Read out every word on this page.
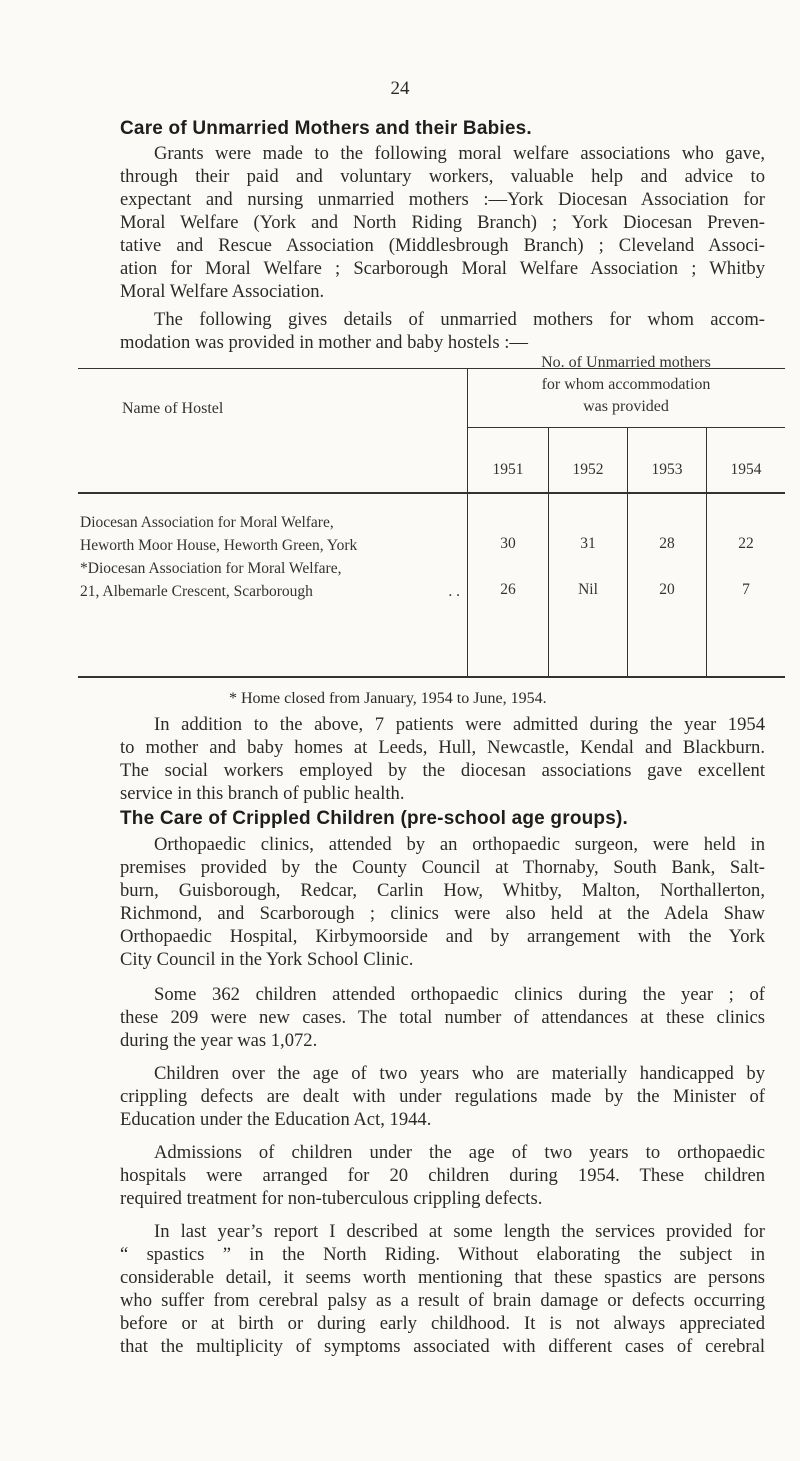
24
Care of Unmarried Mothers and their Babies.
Grants were made to the following moral welfare associations who gave,
through their paid and voluntary workers, valuable help and advice to
expectant and nursing unmarried mothers :—York Diocesan Association for
Moral Welfare (York and North Riding Branch) ; York Diocesan Preven-
tative and Rescue Association (Middlesbrough Branch) ; Cleveland Associ-
ation for Moral Welfare ; Scarborough Moral Welfare Association ; Whitby
Moral Welfare Association.
The following gives details of unmarried mothers for whom accom-
modation was provided in mother and baby hostels :—
Name of Hostel
No. of Unmarried mothers
for whom accommodation
was provided
1951	1952	1953	1954
Diocesan Association for Moral Welfare,
Heworth Moor House, Heworth Green, York	30	31	28	22
*Diocesan Association for Moral Welfare,
21, Albemarle Crescent, Scarborough	. .	26	Nil	20	7
* Home closed from January, 1954 to June, 1954.
In addition to the above, 7 patients were admitted during the year 1954
to mother and baby homes at Leeds, Hull, Newcastle, Kendal and Blackburn.
The social workers employed by the diocesan associations gave excellent
service in this branch of public health.
The Care of Crippled Children (pre-school age groups).
Orthopaedic clinics, attended by an orthopaedic surgeon, were held in
premises provided by the County Council at Thornaby, South Bank, Salt-
burn, Guisborough, Redcar, Carlin How, Whitby, Malton, Northallerton,
Richmond, and Scarborough ; clinics were also held at the Adela Shaw
Orthopaedic Hospital, Kirbymoorside and by arrangement with the York
City Council in the York School Clinic.
Some 362 children attended orthopaedic clinics during the year ; of
these 209 were new cases. The total number of attendances at these clinics
during the year was 1,072.
Children over the age of two years who are materially handicapped by
crippling defects are dealt with under regulations made by the Minister of
Education under the Education Act, 1944.
Admissions of children under the age of two years to orthopaedic
hospitals were arranged for 20 children during 1954. These children
required treatment for non-tuberculous crippling defects.
In last year’s report I described at some length the services provided for
“ spastics ” in the North Riding. Without elaborating the subject in
considerable detail, it seems worth mentioning that these spastics are persons
who suffer from cerebral palsy as a result of brain damage or defects occurring
before or at birth or during early childhood. It is not always appreciated
that the multiplicity of symptoms associated with different cases of cerebral
